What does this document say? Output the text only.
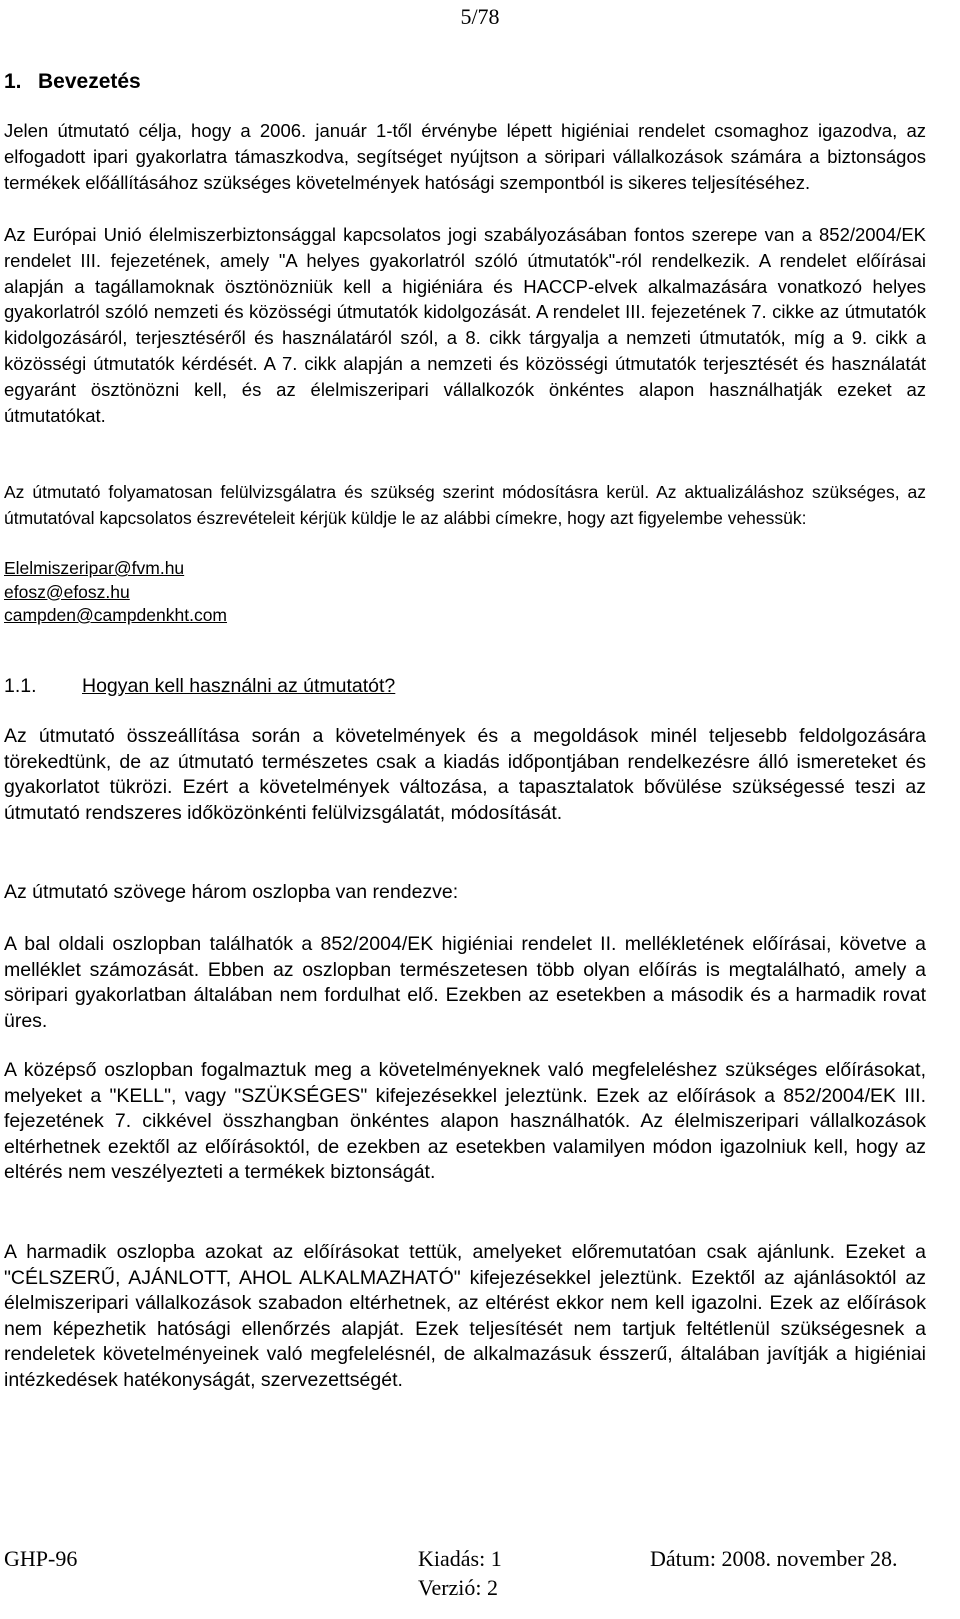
5/78
1. Bevezetés

Jelen útmutató célja, hogy a 2006. január 1-től érvénybe lépett higiéniai rendelet csomaghoz igazodva, az elfogadott ipari gyakorlatra támaszkodva, segítséget nyújtson a söripari vállalkozások számára a biztonságos termékek előállításához szükséges követelmények hatósági szempontból is sikeres teljesítéséhez.

Az Európai Unió élelmiszerbiztonsággal kapcsolatos jogi szabályozásában fontos szerepe van a 852/2004/EK rendelet III. fejezetének, amely "A helyes gyakorlatról szóló útmutatók"-ról rendelkezik. A rendelet előírásai alapján a tagállamoknak ösztönözniük kell a higiéniára és HACCP-elvek alkalmazására vonatkozó helyes gyakorlatról szóló nemzeti és közösségi útmutatók kidolgozását. A rendelet III. fejezetének 7. cikke az útmutatók kidolgozásáról, terjesztéséről és használatáról szól, a 8. cikk tárgyalja a nemzeti útmutatók, míg a 9. cikk a közösségi útmutatók kérdését. A 7. cikk alapján a nemzeti és közösségi útmutatók terjesztését és használatát egyaránt ösztönözni kell, és az élelmiszeripari vállalkozók önkéntes alapon használhatják ezeket az útmutatókat.

Az útmutató folyamatosan felülvizsgálatra és szükség szerint módosításra kerül. Az aktualizáláshoz szükséges, az útmutatóval kapcsolatos észrevételeit kérjük küldje le az alábbi címekre, hogy azt figyelembe vehessük:

Elelmiszeripar@fvm.hu
efosz@efosz.hu
campden@campdenkht.com
1.1. Hogyan kell használni az útmutatót?

Az útmutató összeállítása során a követelmények és a megoldások minél teljesebb feldolgozására törekedtünk, de az útmutató természetes csak a kiadás időpontjában rendelkezésre álló ismereteket és gyakorlatot tükrözi. Ezért a követelmények változása, a tapasztalatok bővülése szükségessé teszi az útmutató rendszeres időközönkénti felülvizsgálatát, módosítását.

Az útmutató szövege három oszlopba van rendezve:

A bal oldali oszlopban találhatók a 852/2004/EK higiéniai rendelet II. mellékletének előírásai, követve a melléklet számozását. Ebben az oszlopban természetesen több olyan előírás is megtalálható, amely a söripari gyakorlatban általában nem fordulhat elő. Ezekben az esetekben a második és a harmadik rovat üres.

A középső oszlopban fogalmaztuk meg a követelményeknek való megfeleléshez szükséges előírásokat, melyeket a "KELL", vagy "SZÜKSÉGES" kifejezésekkel jeleztünk. Ezek az előírások a 852/2004/EK III. fejezetének 7. cikkével összhangban önkéntes alapon használhatók. Az élelmiszeripari vállalkozások eltérhetnek ezektől az előírásoktól, de ezekben az esetekben valamilyen módon igazolniuk kell, hogy az eltérés nem veszélyezteti a termékek biztonságát.

A harmadik oszlopba azokat az előírásokat tettük, amelyeket előremutatóan csak ajánlunk. Ezeket a "CÉLSZERŰ, AJÁNLOTT, AHOL ALKALMAZHATÓ" kifejezésekkel jeleztünk. Ezektől az ajánlásoktól az élelmiszeripari vállalkozások szabadon eltérhetnek, az eltérést ekkor nem kell igazolni. Ezek az előírások nem képezhetik hatósági ellenőrzés alapját. Ezek teljesítését nem tartjuk feltétlenül szükségesnek a rendeletek követelményeinek való megfelelésnél, de alkalmazásuk ésszerű, általában javítják a higiéniai intézkedések hatékonyságát, szervezettségét.

GHP-96	Kiadás: 1	Dátum: 2008. november 28.
Verzió: 2
